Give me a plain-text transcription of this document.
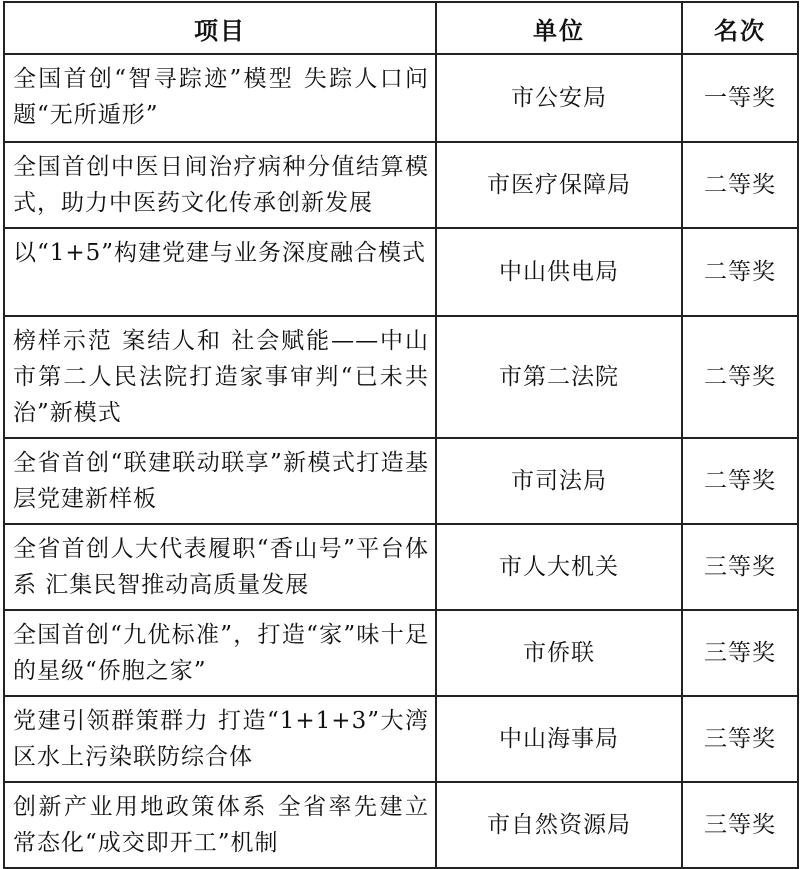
项目	单位	名次
全国首创“智寻踪迹”模型 失踪人口问题“无所遁形”	市公安局	一等奖
全国首创中医日间治疗病种分值结算模式，助力中医药文化传承创新发展	市医疗保障局	二等奖
以“1+5”构建党建与业务深度融合模式	中山供电局	二等奖
榜样示范 案结人和 社会赋能——中山市第二人民法院打造家事审判“已未共治”新模式	市第二法院	二等奖
全省首创“联建联动联享”新模式打造基层党建新样板	市司法局	二等奖
全省首创人大代表履职“香山号”平台体系 汇集民智推动高质量发展	市人大机关	三等奖
全国首创“九优标准”，打造“家”味十足的星级“侨胞之家”	市侨联	三等奖
党建引领群策群力 打造“1+1+3”大湾区水上污染联防综合体	中山海事局	三等奖
创新产业用地政策体系 全省率先建立常态化“成交即开工”机制	市自然资源局	三等奖
